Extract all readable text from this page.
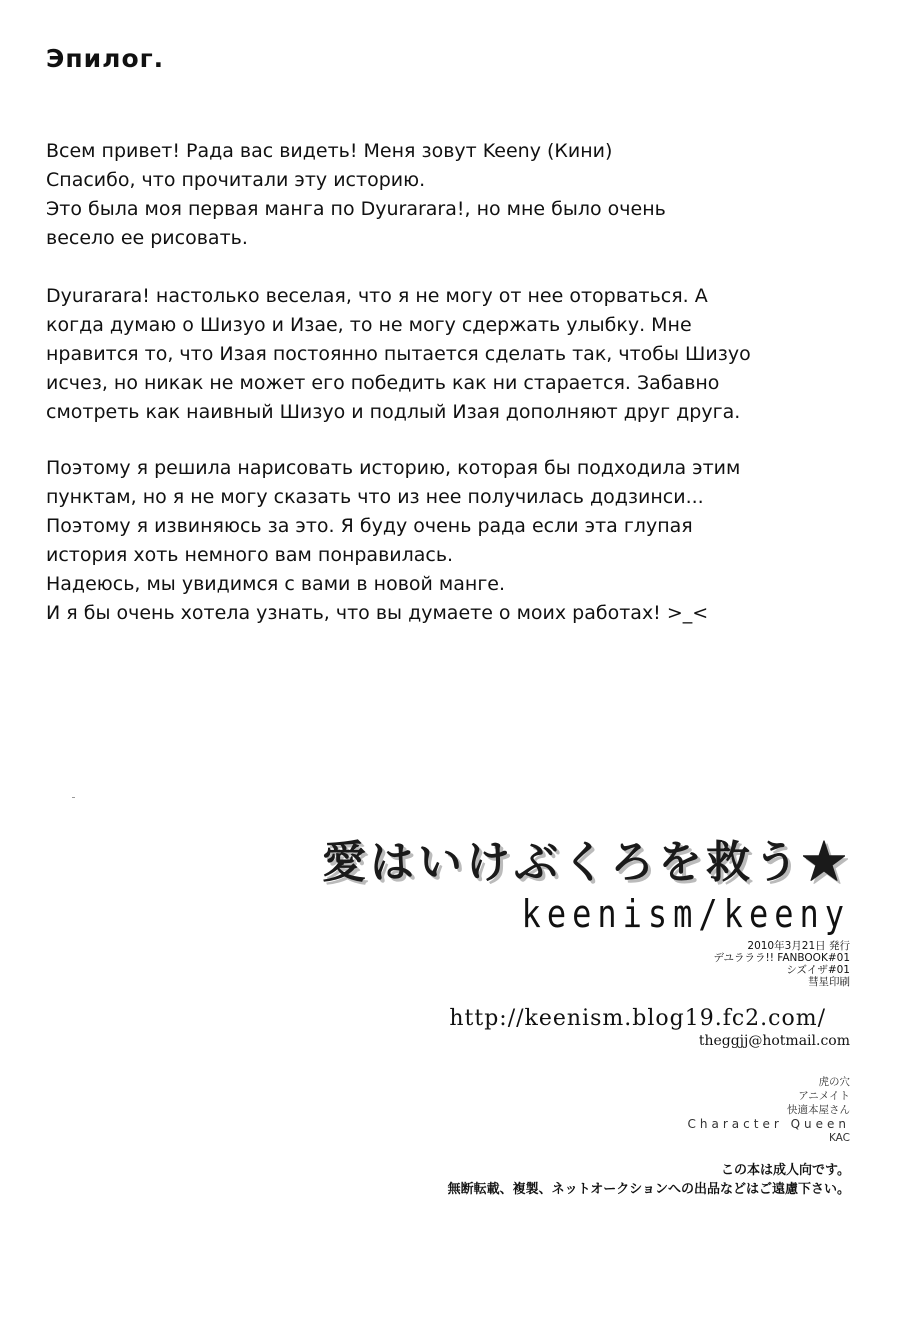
Эпилог.
Всем привет! Рада вас видеть! Меня зовут Keeny (Кини)
Спасибо, что прочитали эту историю.
Это была моя первая манга по Dyurarara!, но мне было очень
весело ее рисовать.
Dyurarara! настолько веселая, что я не могу от нее оторваться. А
когда думаю о Шизуо и Изае, то не могу сдержать улыбку. Мне
нравится то, что Изая постоянно пытается сделать так, чтобы Шизуо
исчез, но никак не может его победить как ни старается. Забавно
смотреть как наивный Шизуо и подлый Изая дополняют друг друга.
Поэтому я решила нарисовать историю, которая бы подходила этим
пунктам, но я не могу сказать что из нее получилась додзинси...
Поэтому я извиняюсь за это. Я буду очень рада если эта глупая
история хоть немного вам понравилась.
Надеюсь, мы увидимся с вами в новой манге.
И я бы очень хотела узнать, что вы думаете о моих работах! >_<
愛はいけぶくろを救う★
keenism/keeny
2010年3月21日 発行
デユラララ!! FANBOOK#01
シズイザ#01
彗星印刷
http://keenism.blog19.fc2.com/
theggjj@hotmail.com
虎の穴
アニメイト
快適本屋さん
Character Queen
KAC
この本は成人向です。
無断転載、複製、ネットオークションへの出品などはご遠慮下さい。
